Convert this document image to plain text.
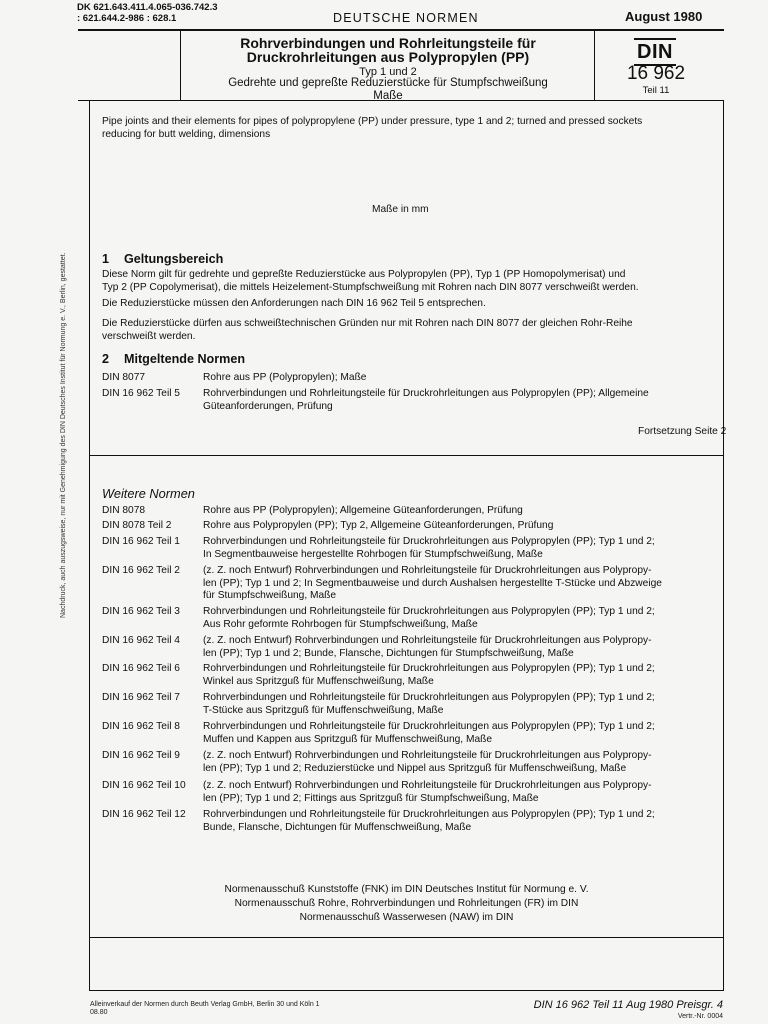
DK 621.643.411.4.065-036.742.3
: 621.644.2-986 : 628.1	DEUTSCHE NORMEN	August 1980
Rohrverbindungen und Rohrleitungsteile für
Druckrohrleitungen aus Polypropylen (PP)
Typ 1 und 2
Gedrehte und gepreßte Reduzierstücke für Stumpfschweißung
Maße
DIN
16 962
Teil 11
Pipe joints and their elements for pipes of polypropylene (PP) under pressure, type 1 and 2; turned and pressed sockets
reducing for butt welding, dimensions
Maße in mm
1 Geltungsbereich
Diese Norm gilt für gedrehte und gepreßte Reduzierstücke aus Polypropylen (PP), Typ 1 (PP Homopolymerisat) und
Typ 2 (PP Copolymerisat), die mittels Heizelement-Stumpfschweißung mit Rohren nach DIN 8077 verschweißt werden.
Die Reduzierstücke müssen den Anforderungen nach DIN 16 962 Teil 5 entsprechen.
Die Reduzierstücke dürfen aus schweißtechnischen Gründen nur mit Rohren nach DIN 8077 der gleichen Rohr-Reihe
verschweißt werden.
2 Mitgeltende Normen
DIN 8077	Rohre aus PP (Polypropylen); Maße
DIN 16 962 Teil 5	Rohrverbindungen und Rohrleitungsteile für Druckrohrleitungen aus Polypropylen (PP); Allgemeine
Güteanforderungen, Prüfung
Fortsetzung Seite 2
Weitere Normen
DIN 8078	Rohre aus PP (Polypropylen); Allgemeine Güteanforderungen, Prüfung
DIN 8078 Teil 2	Rohre aus Polypropylen (PP); Typ 2, Allgemeine Güteanforderungen, Prüfung
DIN 16 962 Teil 1	Rohrverbindungen und Rohrleitungsteile für Druckrohrleitungen aus Polypropylen (PP); Typ 1 und 2;
In Segmentbauweise hergestellte Rohrbogen für Stumpfschweißung, Maße
DIN 16 962 Teil 2	(z. Z. noch Entwurf) Rohrverbindungen und Rohrleitungsteile für Druckrohrleitungen aus Polypropy-
len (PP); Typ 1 und 2; In Segmentbauweise und durch Aushalsen hergestellte T-Stücke und Abzweige
für Stumpfschweißung, Maße
DIN 16 962 Teil 3	Rohrverbindungen und Rohrleitungsteile für Druckrohrleitungen aus Polypropylen (PP); Typ 1 und 2;
Aus Rohr geformte Rohrbogen für Stumpfschweißung, Maße
DIN 16 962 Teil 4	(z. Z. noch Entwurf) Rohrverbindungen und Rohrleitungsteile für Druckrohrleitungen aus Polypropy-
len (PP); Typ 1 und 2; Bunde, Flansche, Dichtungen für Stumpfschweißung, Maße
DIN 16 962 Teil 6	Rohrverbindungen und Rohrleitungsteile für Druckrohrleitungen aus Polypropylen (PP); Typ 1 und 2;
Winkel aus Spritzguß für Muffenschweißung, Maße
DIN 16 962 Teil 7	Rohrverbindungen und Rohrleitungsteile für Druckrohrleitungen aus Polypropylen (PP); Typ 1 und 2;
T-Stücke aus Spritzguß für Muffenschweißung, Maße
DIN 16 962 Teil 8	Rohrverbindungen und Rohrleitungsteile für Druckrohrleitungen aus Polypropylen (PP); Typ 1 und 2;
Muffen und Kappen aus Spritzguß für Muffenschweißung, Maße
DIN 16 962 Teil 9	(z. Z. noch Entwurf) Rohrverbindungen und Rohrleitungsteile für Druckrohrleitungen aus Polypropy-
len (PP); Typ 1 und 2; Reduzierstücke und Nippel aus Spritzguß für Muffenschweißung, Maße
DIN 16 962 Teil 10	(z. Z. noch Entwurf) Rohrverbindungen und Rohrleitungsteile für Druckrohrleitungen aus Polypropy-
len (PP); Typ 1 und 2; Fittings aus Spritzguß für Stumpfschweißung, Maße
DIN 16 962 Teil 12	Rohrverbindungen und Rohrleitungsteile für Druckrohrleitungen aus Polypropylen (PP); Typ 1 und 2;
Bunde, Flansche, Dichtungen für Muffenschweißung, Maße
Normenausschuß Kunststoffe (FNK) im DIN Deutsches Institut für Normung e. V.
Normenausschuß Rohre, Rohrverbindungen und Rohrleitungen (FR) im DIN
Normenausschuß Wasserwesen (NAW) im DIN
Nachdruck, auch auszugsweise, nur mit Genehmigung des DIN Deutsches Institut für Normung e. V., Berlin, gestattet.
Alleinverkauf der Normen durch Beuth Verlag GmbH, Berlin 30 und Köln 1
08.80
DIN 16 962 Teil 11 Aug 1980 Preisgr. 4
Vertr.-Nr. 0004
